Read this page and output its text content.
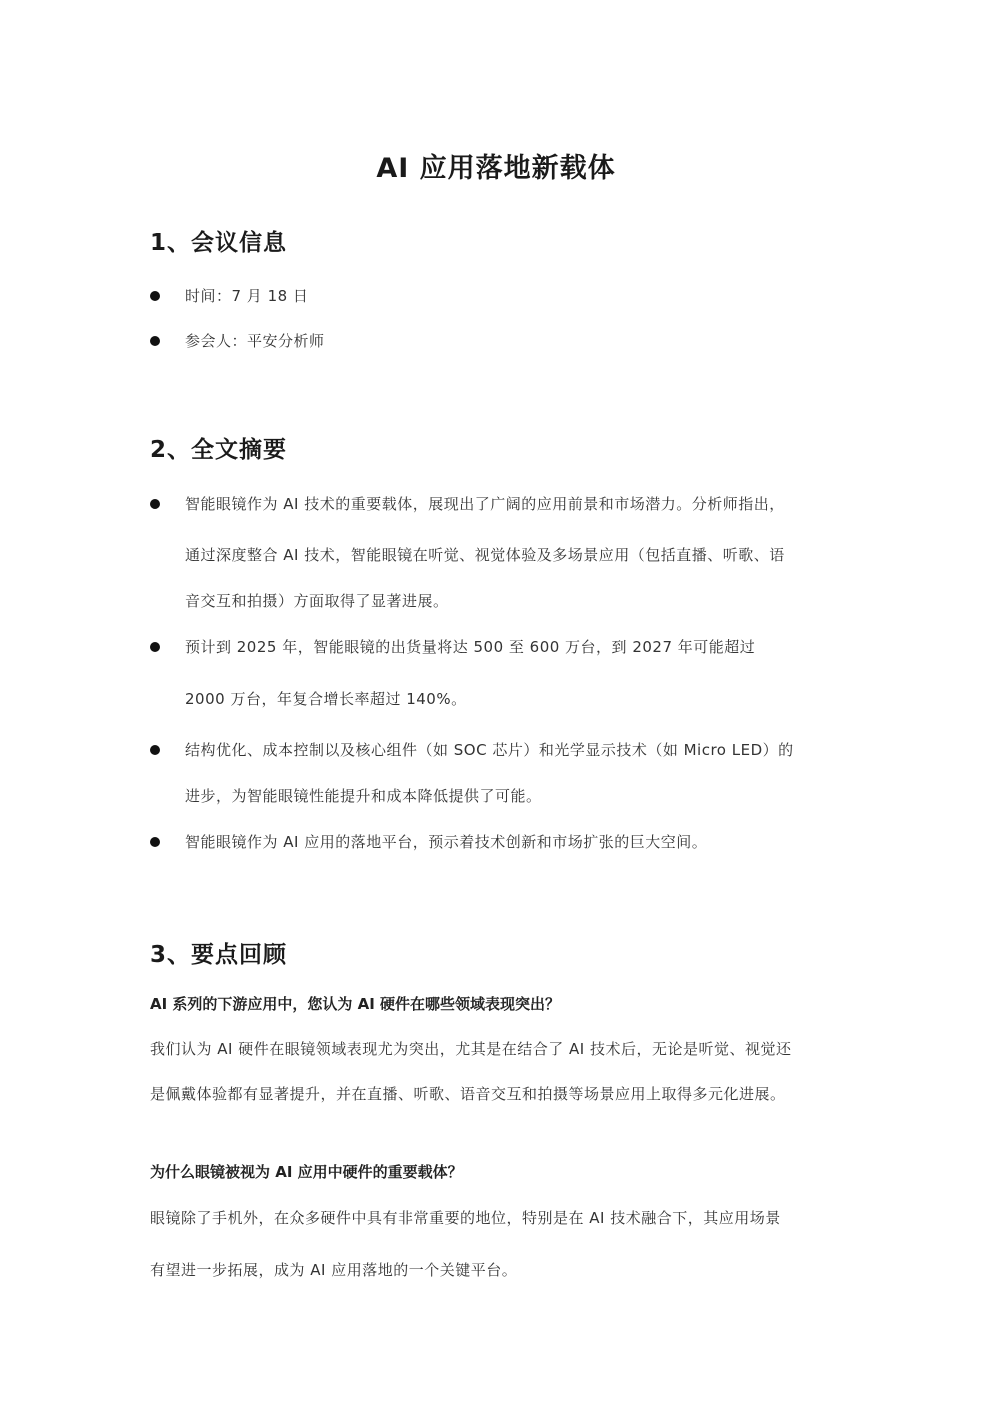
AI 应用落地新载体
1、会议信息
时间：7 月 18 日
参会人：平安分析师
2、全文摘要
智能眼镜作为 AI 技术的重要载体，展现出了广阔的应用前景和市场潜力。分析师指出，
通过深度整合 AI 技术，智能眼镜在听觉、视觉体验及多场景应用（包括直播、听歌、语
音交互和拍摄）方面取得了显著进展。
预计到 2025 年，智能眼镜的出货量将达 500 至 600 万台，到 2027 年可能超过
2000 万台，年复合增长率超过 140%。
结构优化、成本控制以及核心组件（如 SOC 芯片）和光学显示技术（如 Micro LED）的
进步，为智能眼镜性能提升和成本降低提供了可能。
智能眼镜作为 AI 应用的落地平台，预示着技术创新和市场扩张的巨大空间。
3、要点回顾
AI 系列的下游应用中，您认为 AI 硬件在哪些领域表现突出？
我们认为 AI 硬件在眼镜领域表现尤为突出，尤其是在结合了 AI 技术后，无论是听觉、视觉还
是佩戴体验都有显著提升，并在直播、听歌、语音交互和拍摄等场景应用上取得多元化进展。
为什么眼镜被视为 AI 应用中硬件的重要载体？
眼镜除了手机外，在众多硬件中具有非常重要的地位，特别是在 AI 技术融合下，其应用场景
有望进一步拓展，成为 AI 应用落地的一个关键平台。
